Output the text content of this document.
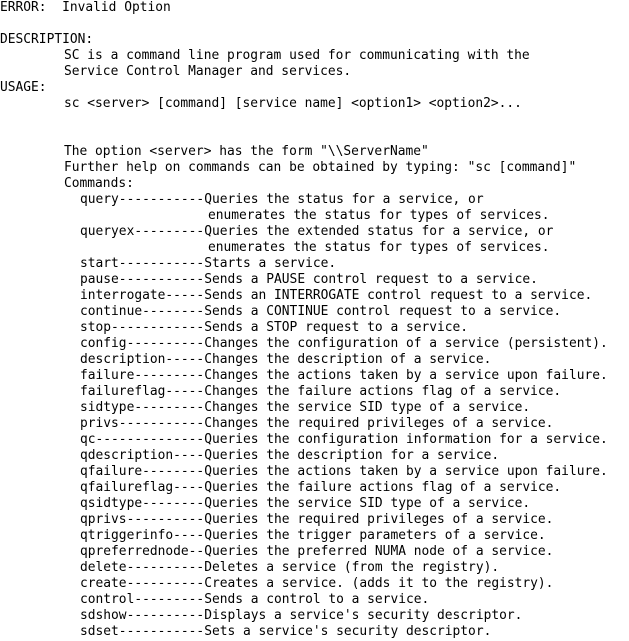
ERROR: Invalid Option

DESCRIPTION:

SC is a command line program used for communicating with the

Service Control Manager and services.

USAGE:

sc <server> [command] [service name] <option1> <option2>...

The option <server> has the form "\\ServerName"

Further help on commands can be obtained by typing: "sc [command]"

Commands:

query-----------Queries the status for a service, or
enumerates the status for types of services.
queryex---------Queries the extended status for a service, or
enumerates the status for types of services.
start-----------Starts a service.
pause-----------Sends a PAUSE control request to a service.
interrogate-----Sends an INTERROGATE control request to a service.
continue--------Sends a CONTINUE control request to a service.
stop------------Sends a STOP request to a service.
config----------Changes the configuration of a service (persistent).
description-----Changes the description of a service.
failure---------Changes the actions taken by a service upon failure.
failureflag-----Changes the failure actions flag of a service.
sidtype---------Changes the service SID type of a service.
privs-----------Changes the required privileges of a service.
qc--------------Queries the configuration information for a service.
qdescription----Queries the description for a service.
qfailure--------Queries the actions taken by a service upon failure.
qfailureflag----Queries the failure actions flag of a service.
qsidtype--------Queries the service SID type of a service.
qprivs----------Queries the required privileges of a service.
qtriggerinfo----Queries the trigger parameters of a service.
qpreferrednode--Queries the preferred NUMA node of a service.
delete----------Deletes a service (from the registry).
create----------Creates a service. (adds it to the registry).
control---------Sends a control to a service.
sdshow----------Displays a service's security descriptor.
sdset-----------Sets a service's security descriptor.
